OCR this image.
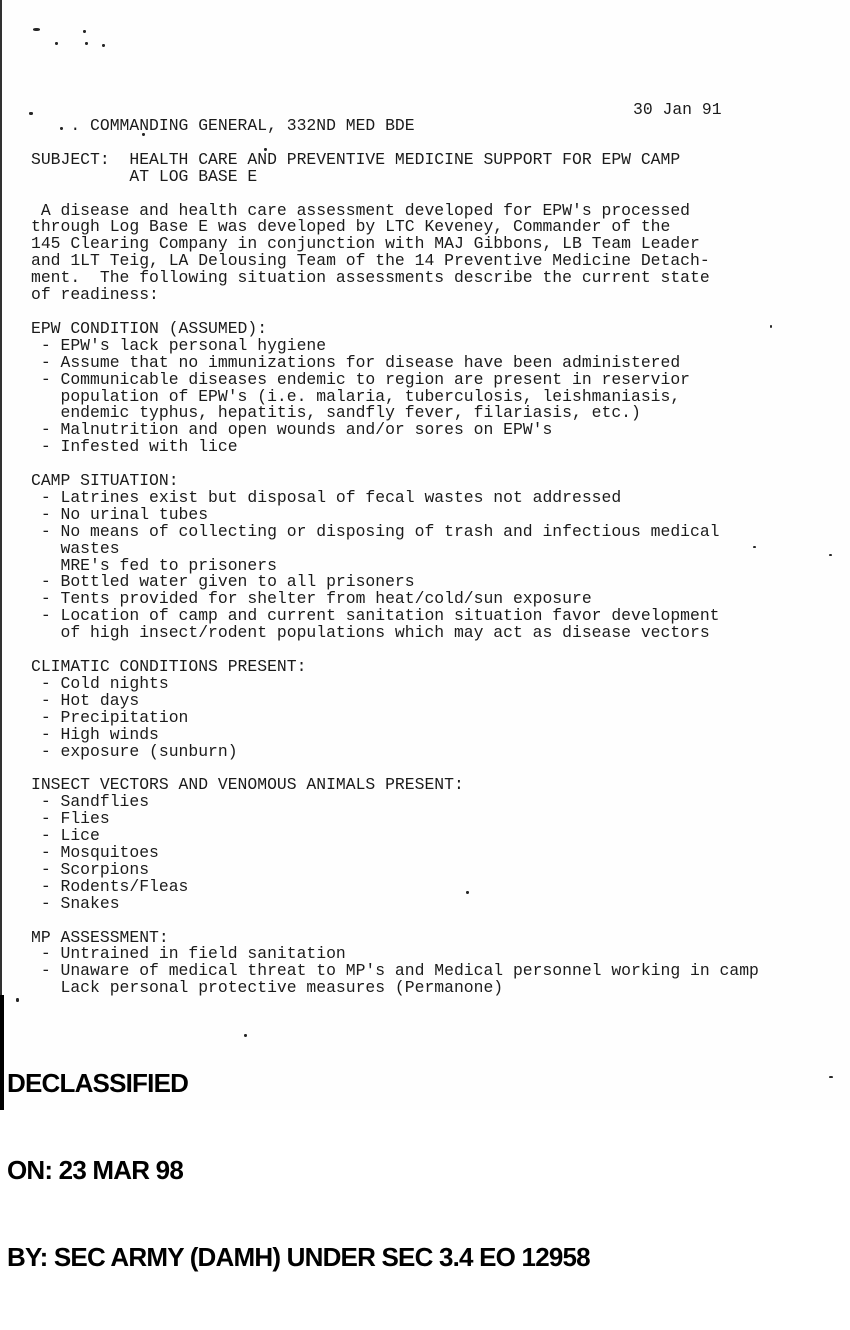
30 Jan 91
. COMMANDING GENERAL, 332ND MED BDE

SUBJECT:  HEALTH CARE AND PREVENTIVE MEDICINE SUPPORT FOR EPW CAMP
AT LOG BASE E

A disease and health care assessment developed for EPW's processed
through Log Base E was developed by LTC Keveney, Commander of the
145 Clearing Company in conjunction with MAJ Gibbons, LB Team Leader
and 1LT Teig, LA Delousing Team of the 14 Preventive Medicine Detach-
ment.  The following situation assessments describe the current state
of readiness:

EPW CONDITION (ASSUMED):
- EPW's lack personal hygiene
- Assume that no immunizations for disease have been administered
- Communicable diseases endemic to region are present in reservior
population of EPW's (i.e. malaria, tuberculosis, leishmaniasis,
endemic typhus, hepatitis, sandfly fever, filariasis, etc.)
- Malnutrition and open wounds and/or sores on EPW's
- Infested with lice

CAMP SITUATION:
- Latrines exist but disposal of fecal wastes not addressed
- No urinal tubes
- No means of collecting or disposing of trash and infectious medical
wastes
MRE's fed to prisoners
- Bottled water given to all prisoners
- Tents provided for shelter from heat/cold/sun exposure
- Location of camp and current sanitation situation favor development
of high insect/rodent populations which may act as disease vectors

CLIMATIC CONDITIONS PRESENT:
- Cold nights
- Hot days
- Precipitation
- High winds
- exposure (sunburn)

INSECT VECTORS AND VENOMOUS ANIMALS PRESENT:
- Sandflies
- Flies
- Lice
- Mosquitoes
- Scorpions
- Rodents/Fleas
- Snakes

MP ASSESSMENT:
- Untrained in field sanitation
- Unaware of medical threat to MP's and Medical personnel working in camp
Lack personal protective measures (Permanone)

DECLASSIFIED

ON: 23 MAR 98

BY: SEC ARMY (DAMH) UNDER SEC 3.4 EO 12958
